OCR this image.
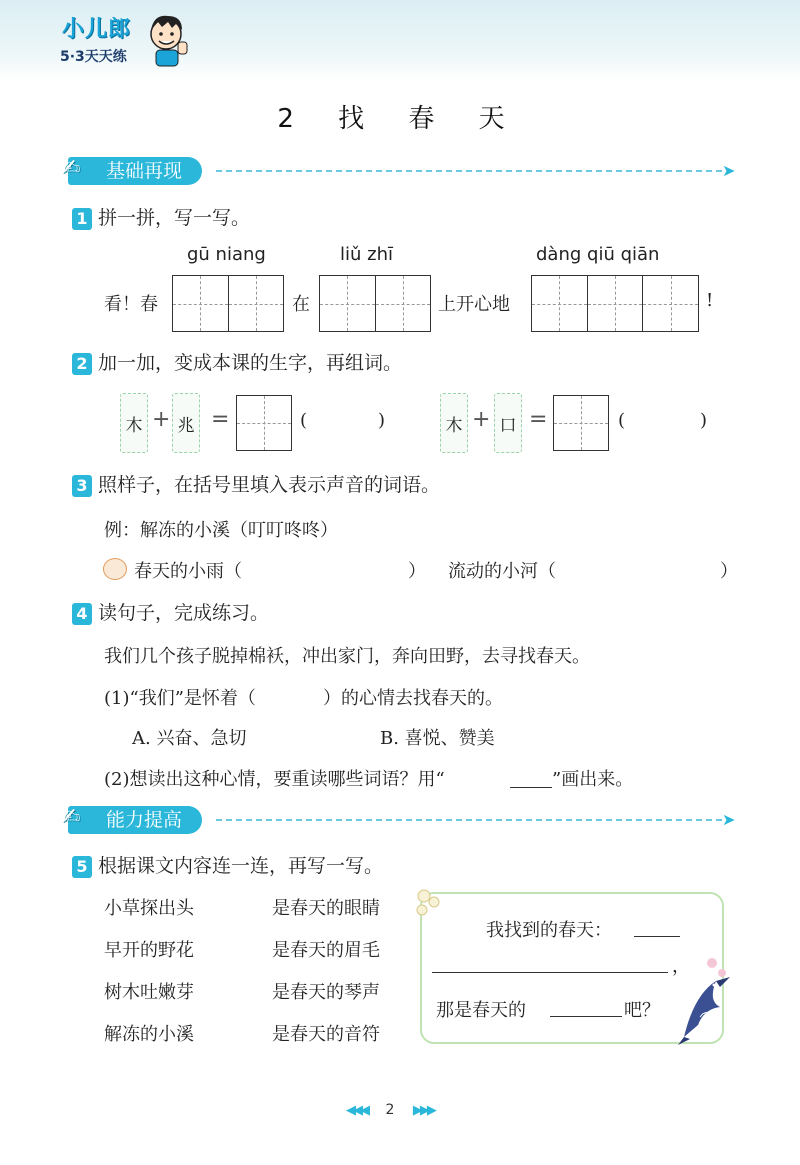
小儿郎
5·3天天练
2 找 春 天
✍ 基础再现	➤
1 拼一拼，写一写。
gū niang	liǔ zhī	dàng qiū qiān
看！春	在	上开心地	!
2 加一加，变成本课的生字，再组词。
木 + 兆 =	(	)	木 + 口 =	(	)
3 照样子，在括号里填入表示声音的词语。
例：解冻的小溪（叮叮咚咚）
春天的小雨（	） 流动的小河（	）
4 读句子，完成练习。
我们几个孩子脱掉棉袄，冲出家门，奔向田野，去寻找春天。
(1)“我们”是怀着（	）的心情去找春天的。
A. 兴奋、急切	B. 喜悦、赞美
(2)想读出这种心情，要重读哪些词语？用“	”画出来。
✍ 能力提高	➤
5 根据课文内容连一连，再写一写。
小草探出头
早开的野花
树木吐嫩芽
解冻的小溪
是春天的眼睛
是春天的眉毛
是春天的琴声
是春天的音符
我找到的春天：
，
那是春天的	吧？
◀◀◀ 2 ▶▶▶
